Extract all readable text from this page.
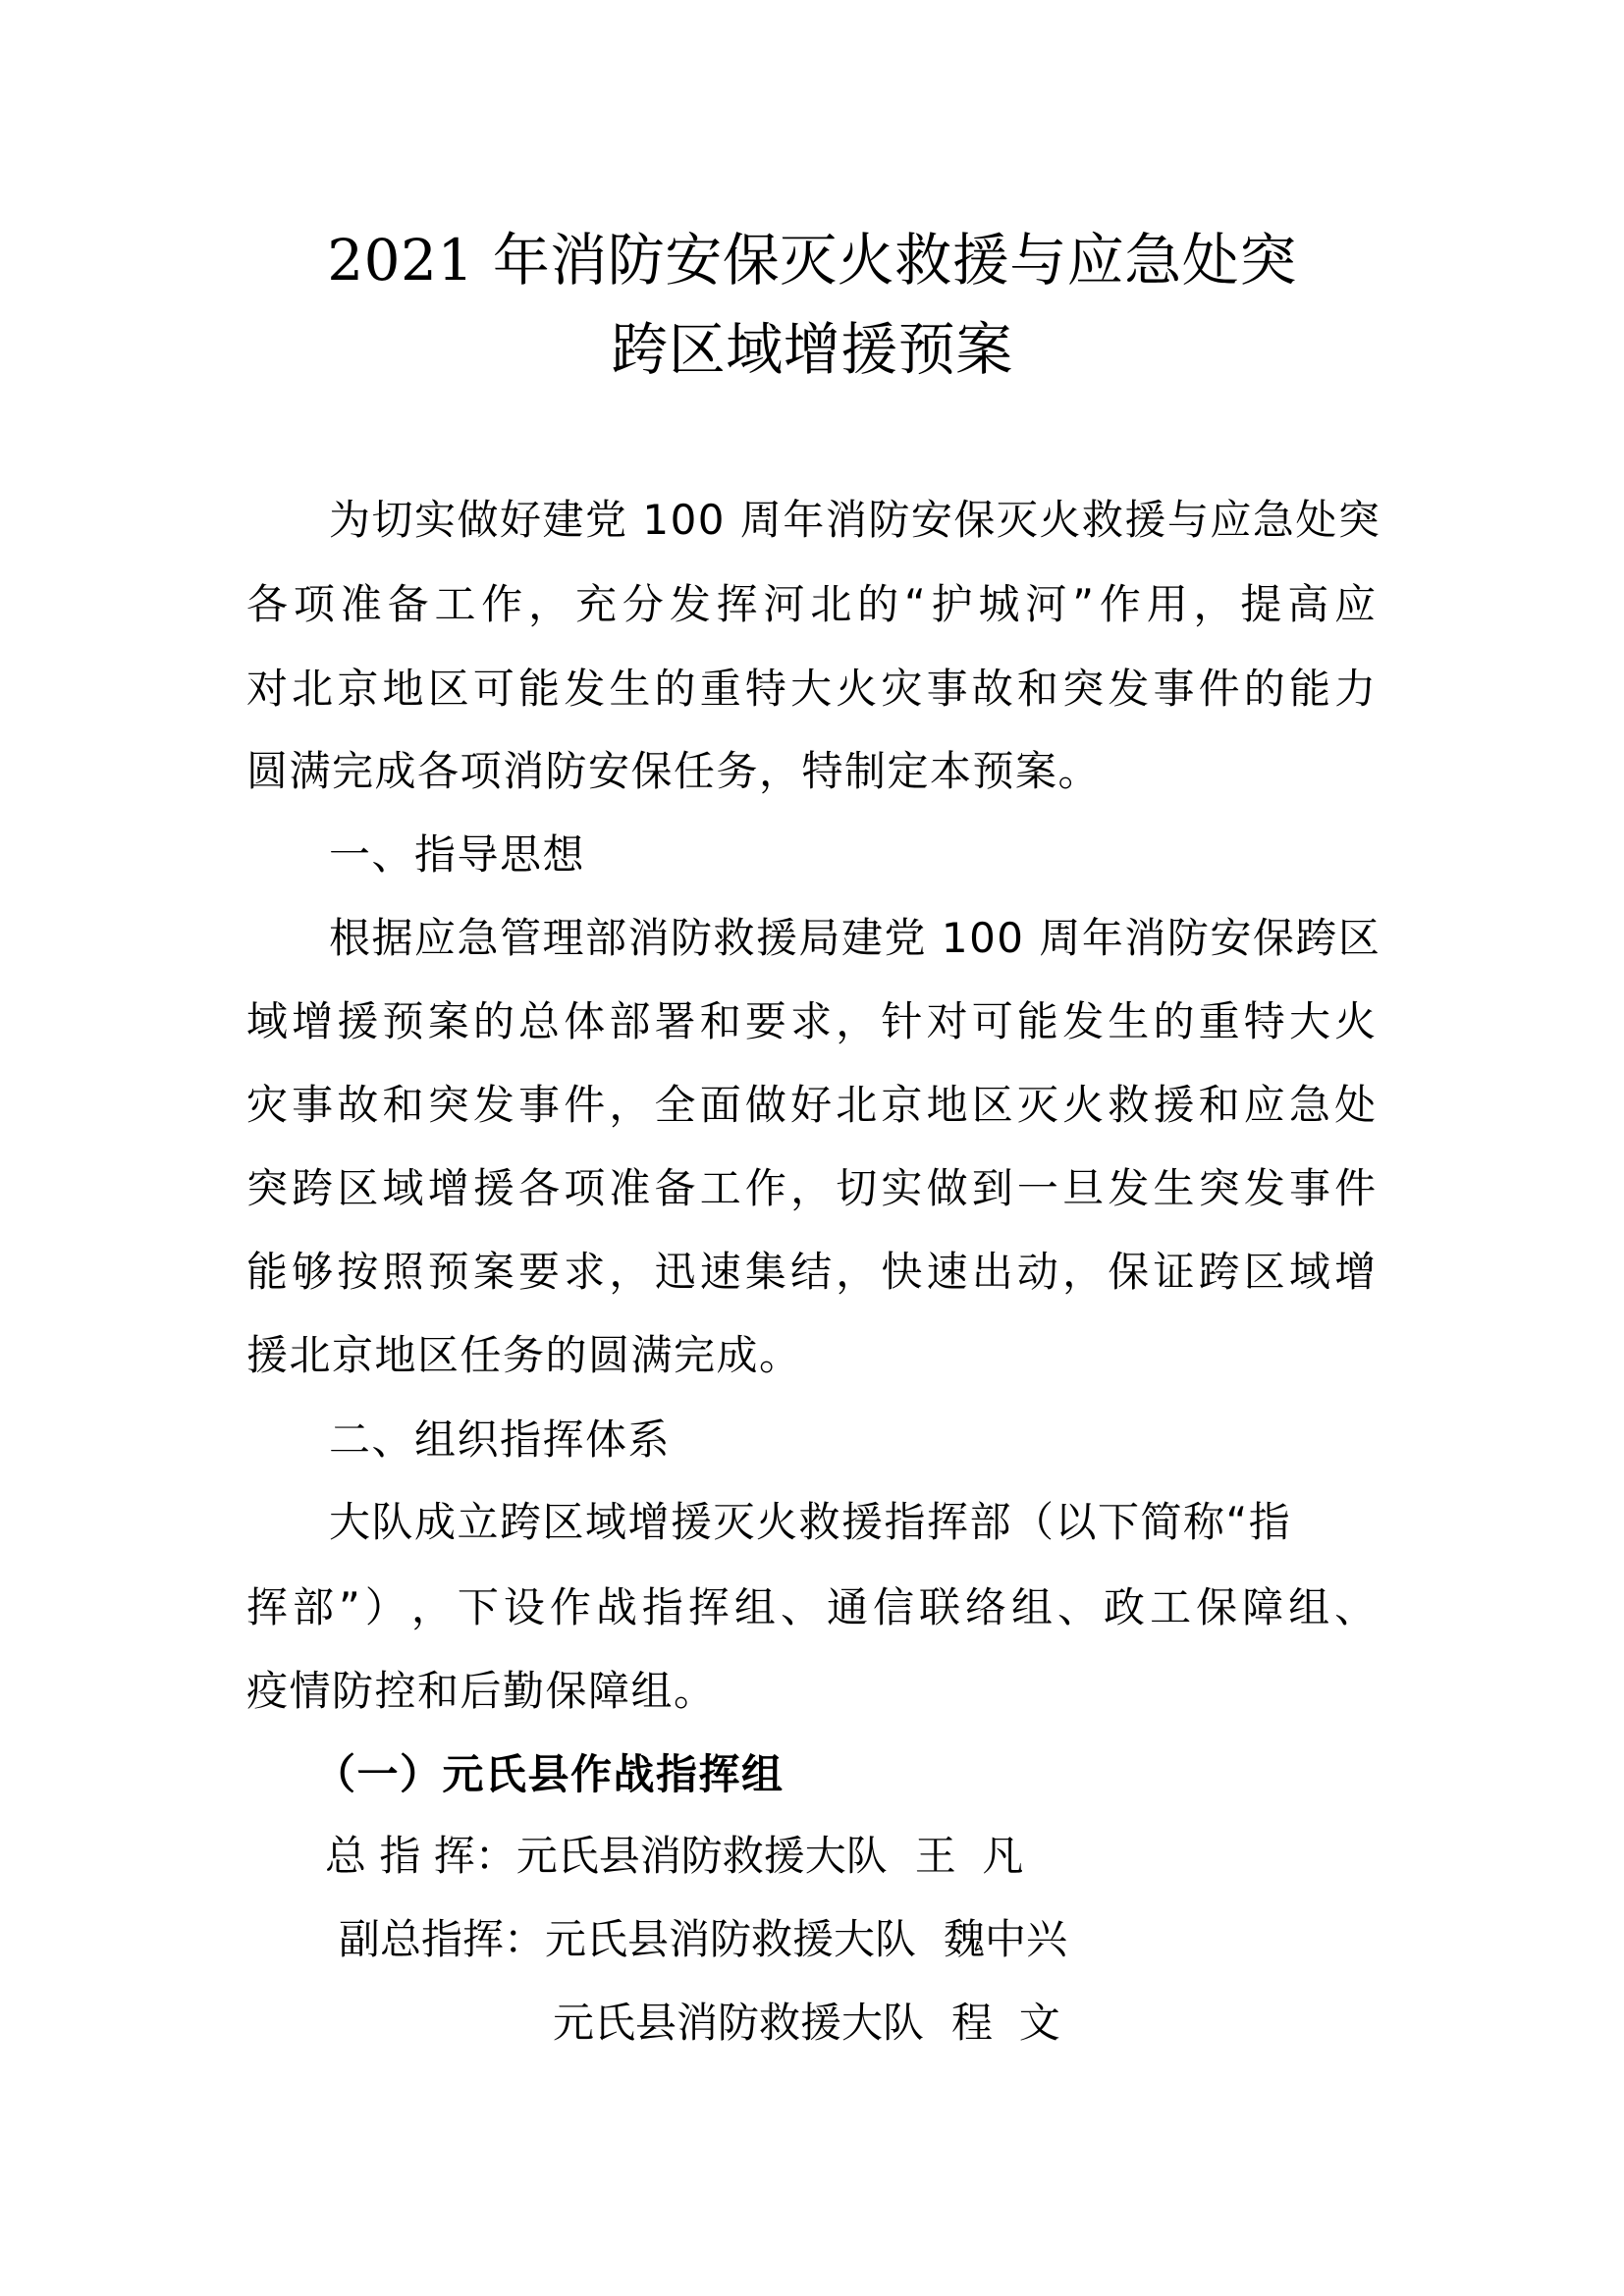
2021 年消防安保灭火救援与应急处突
跨区域增援预案
为切实做好建党 100 周年消防安保灭火救援与应急处突
各 项 准 备 工 作 ， 充 分 发 挥 河 北 的 “ 护 城 河 ” 作 用 ， 提 高 应
对 北 京 地 区 可 能 发 生 的 重 特 大 火 灾 事 故 和 突 发 事 件 的 能 力
圆满完成各项消防安保任务，特制定本预案。
一、指导思想
根据应急管理部消防救援局建党 100 周年消防安保跨区
域 增 援 预 案 的 总 体 部 署 和 要 求 ， 针 对 可 能 发 生 的 重 特 大 火
灾 事 故 和 突 发 事 件 ， 全 面 做 好 北 京 地 区 灭 火 救 援 和 应 急 处
突 跨 区 域 增 援 各 项 准 备 工 作 ， 切 实 做 到 一 旦 发 生 突 发 事 件
能 够 按 照 预 案 要 求 ， 迅 速 集 结 ， 快 速 出 动 ， 保 证 跨 区 域 增
援北京地区任务的圆满完成。
二、组织指挥体系
大队成立跨区域增援灭火救援指挥部（以下简称“指
挥 部 ” ） ， 下 设 作 战 指 挥 组 、 通 信 联 络 组 、 政 工 保 障 组 、
疫情防控和后勤保障组。
（一）元氏县作战指挥组
总 指 挥：元氏县消防救援大队 王  凡
副总指挥：元氏县消防救援大队 魏中兴
元氏县消防救援大队 程  文
